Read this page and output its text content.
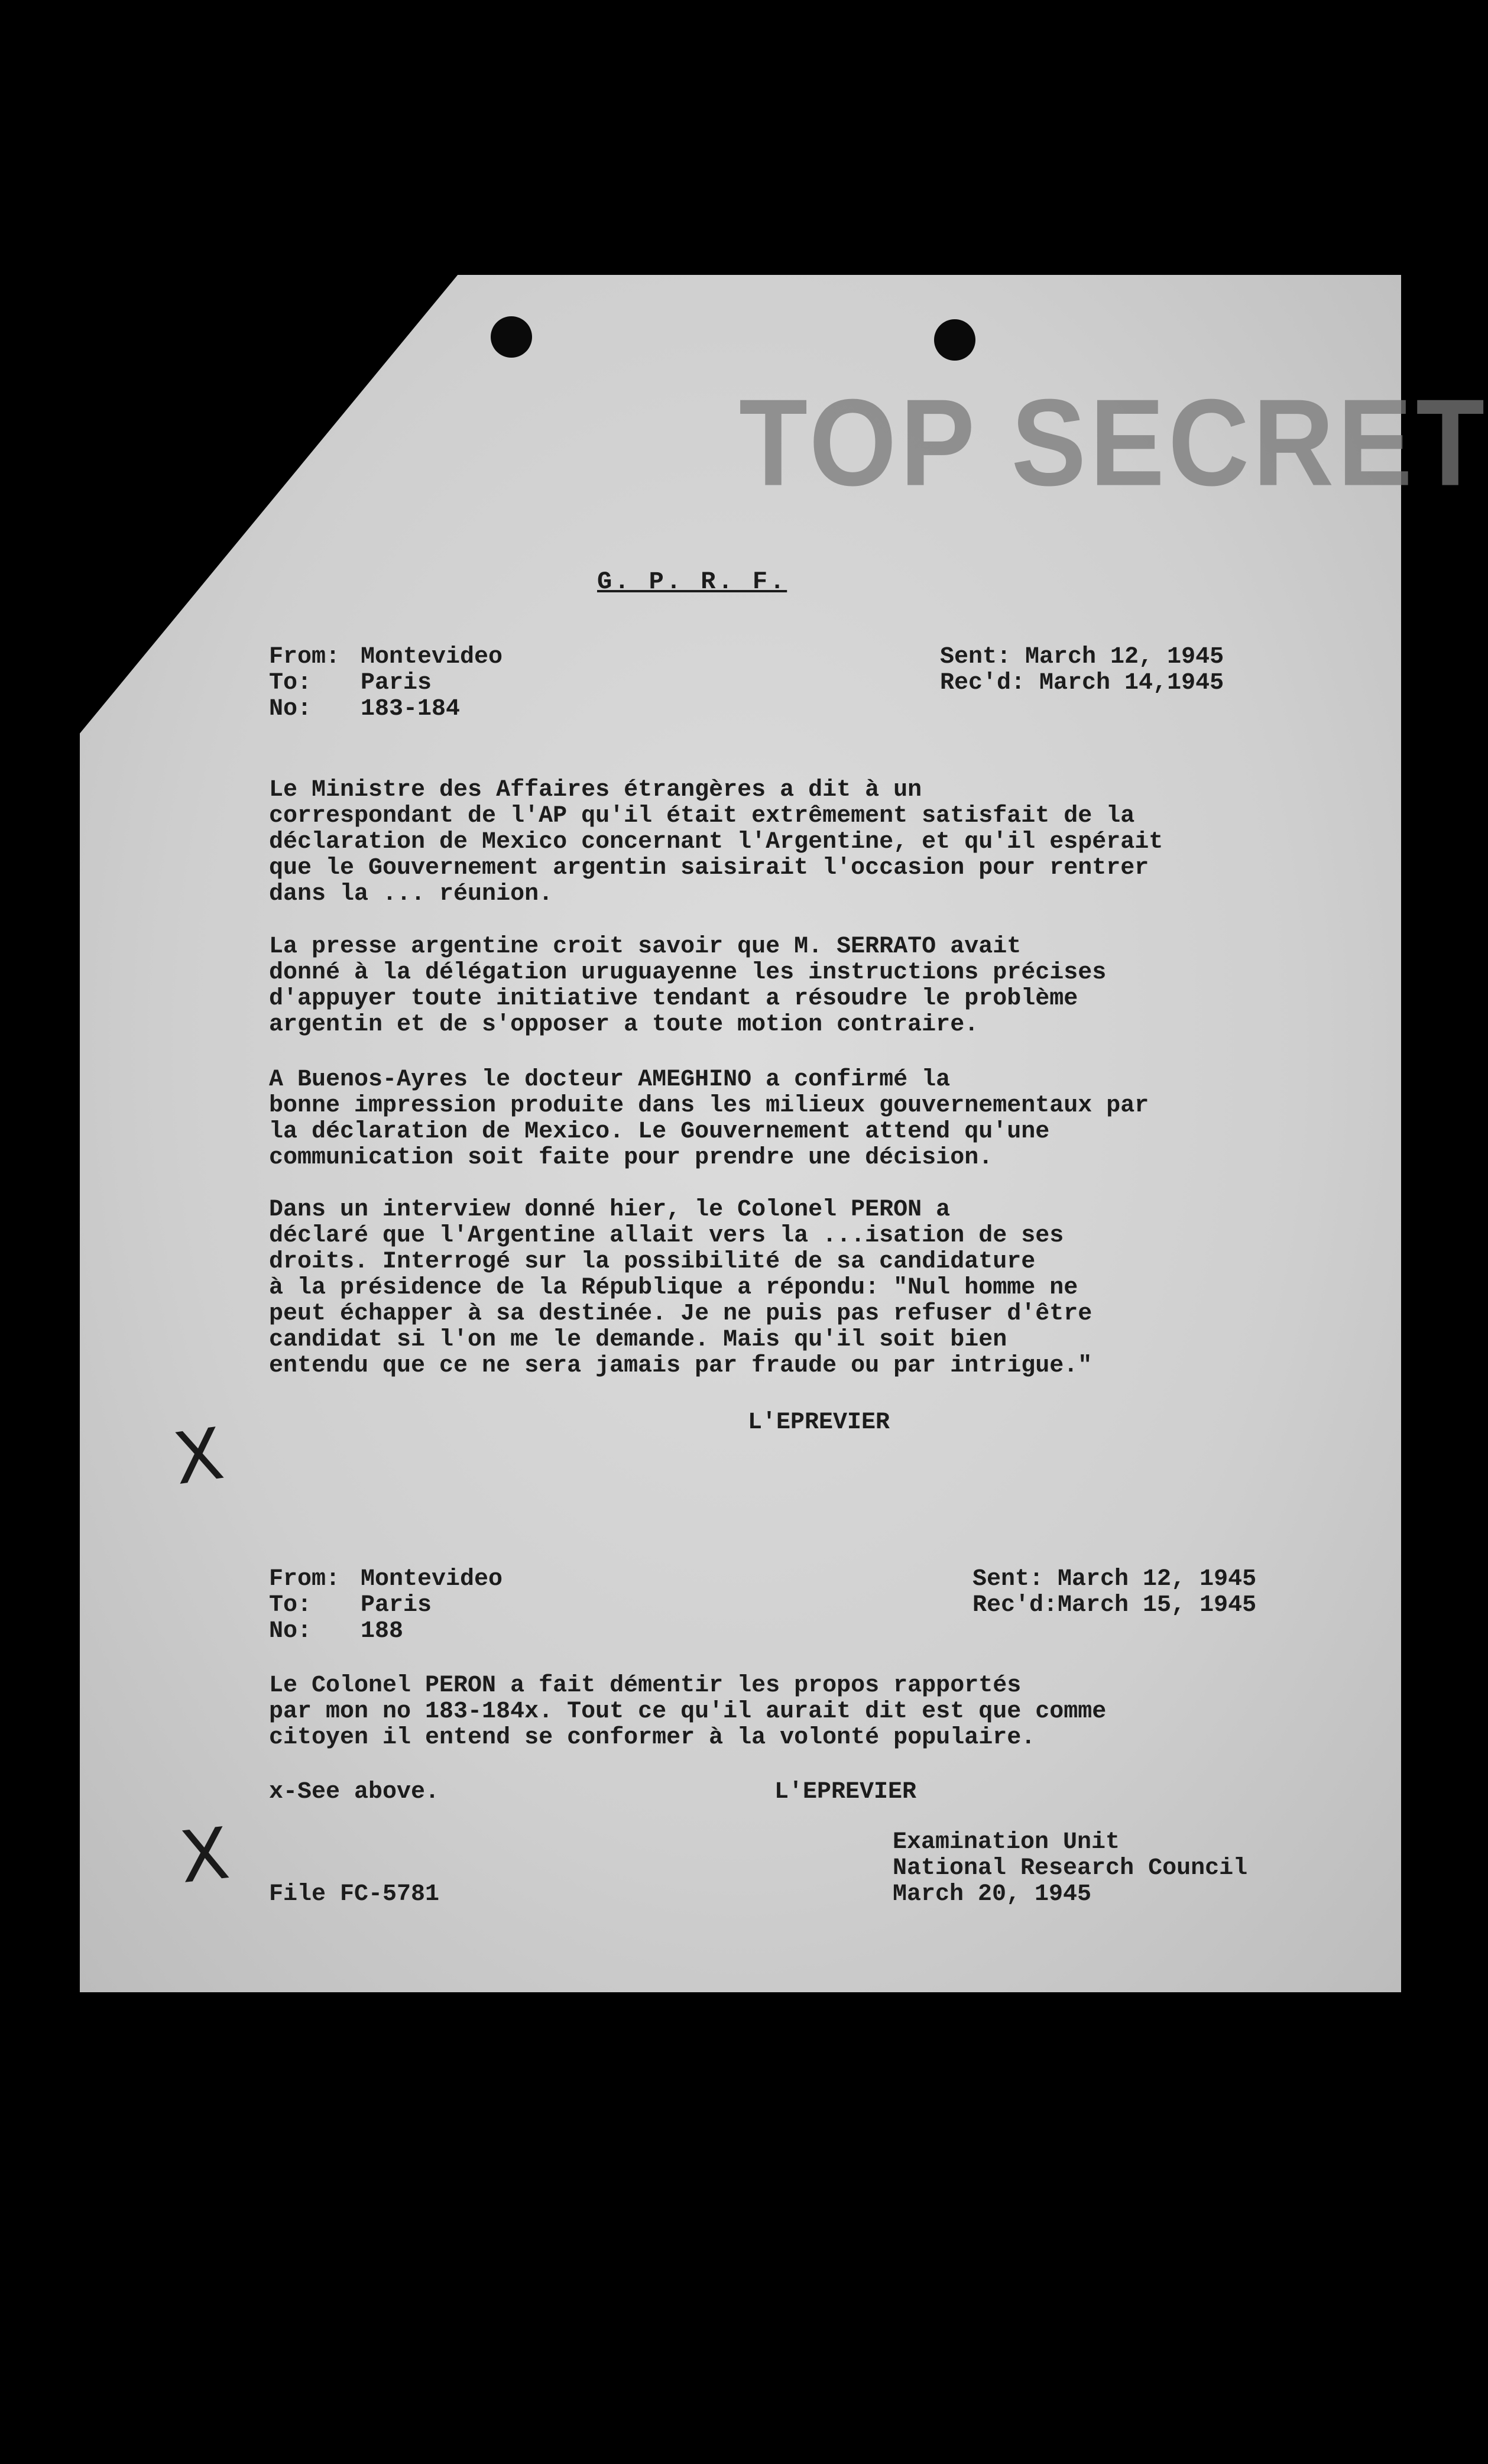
TOP SECRET
G. P. R. F.
From: Montevideo
To: Paris
No: 183-184
Sent: March 12, 1945
Rec'd: March 14,1945
Le Ministre des Affaires étrangères a dit à un
correspondant de l'AP qu'il était extrêmement satisfait de la
déclaration de Mexico concernant l'Argentine, et qu'il espérait
que le Gouvernement argentin saisirait l'occasion pour rentrer
dans la ... réunion.
La presse argentine croit savoir que M. SERRATO avait
donné à la délégation uruguayenne les instructions précises
d'appuyer toute initiative tendant a résoudre le problème
argentin et de s'opposer a toute motion contraire.
A Buenos-Ayres le docteur AMEGHINO a confirmé la
bonne impression produite dans les milieux gouvernementaux par
la déclaration de Mexico. Le Gouvernement attend qu'une
communication soit faite pour prendre une décision.
Dans un interview donné hier, le Colonel PERON a
déclaré que l'Argentine allait vers la ...isation de ses
droits. Interrogé sur la possibilité de sa candidature
à la présidence de la République a répondu: "Nul homme ne
peut échapper à sa destinée. Je ne puis pas refuser d'être
candidat si l'on me le demande. Mais qu'il soit bien
entendu que ce ne sera jamais par fraude ou par intrigue."
L'EPREVIER
X
From: Montevideo
To: Paris
No: 188
Sent: March 12, 1945
Rec'd:March 15, 1945
Le Colonel PERON a fait démentir les propos rapportés
par mon no 183-184x. Tout ce qu'il aurait dit est que comme
citoyen il entend se conformer à la volonté populaire.
x-See above.	L'EPREVIER
X	Examination Unit
National Research Council
File FC-5781	March 20, 1945
